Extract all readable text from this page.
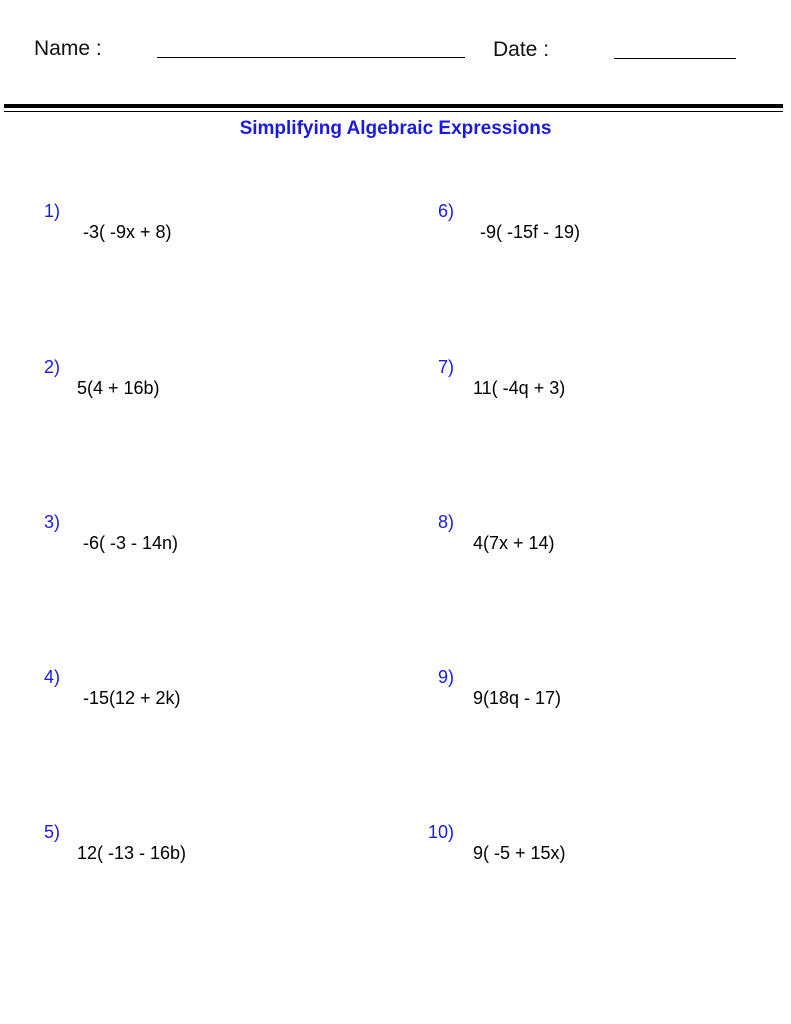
Name :	Date :
Simplifying Algebraic Expressions

1)

-3( -9x + 8)

2)

5(4 + 16b)

3)

-6( -3 - 14n)

4)

-15(12 + 2k)

5)

12( -13 - 16b)

6)

-9( -15f - 19)

7)

11( -4q + 3)

8)

4(7x + 14)

9)

9(18q - 17)

10)

9( -5 + 15x)
